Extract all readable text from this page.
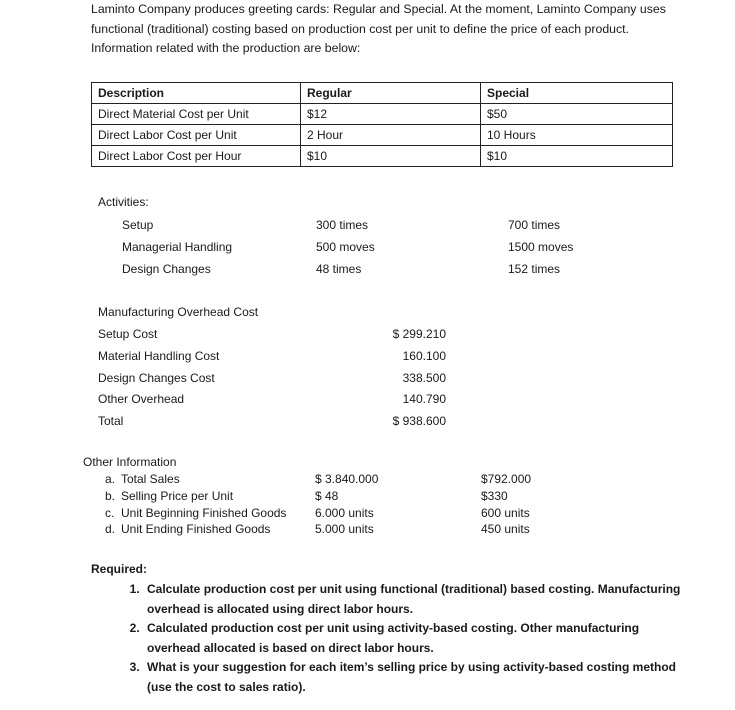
Laminto Company produces greeting cards: Regular and Special. At the moment, Laminto Company uses functional (traditional) costing based on production cost per unit to define the price of each product. Information related with the production are below:
Description	Regular	Special
Direct Material Cost per Unit	$12	$50
Direct Labor Cost per Unit	2 Hour	10 Hours
Direct Labor Cost per Hour	$10	$10
Activities:
Setup	300 times	700 times
Managerial Handling	500 moves	1500 moves
Design Changes	48 times	152 times
Manufacturing Overhead Cost
Setup Cost	$ 299.210
Material Handling Cost	160.100
Design Changes Cost	338.500
Other Overhead	140.790
Total	$ 938.600
Other Information
a. Total Sales	$ 3.840.000	$792.000
b. Selling Price per Unit	$ 48	$330
c. Unit Beginning Finished Goods 6.000 units	600 units
d. Unit Ending Finished Goods	5.000 units	450 units
Required:
1. Calculate production cost per unit using functional (traditional) based costing. Manufacturing overhead is allocated using direct labor hours.
2. Calculated production cost per unit using activity-based costing. Other manufacturing overhead allocated is based on direct labor hours.
3. What is your suggestion for each item’s selling price by using activity-based costing method (use the cost to sales ratio).
